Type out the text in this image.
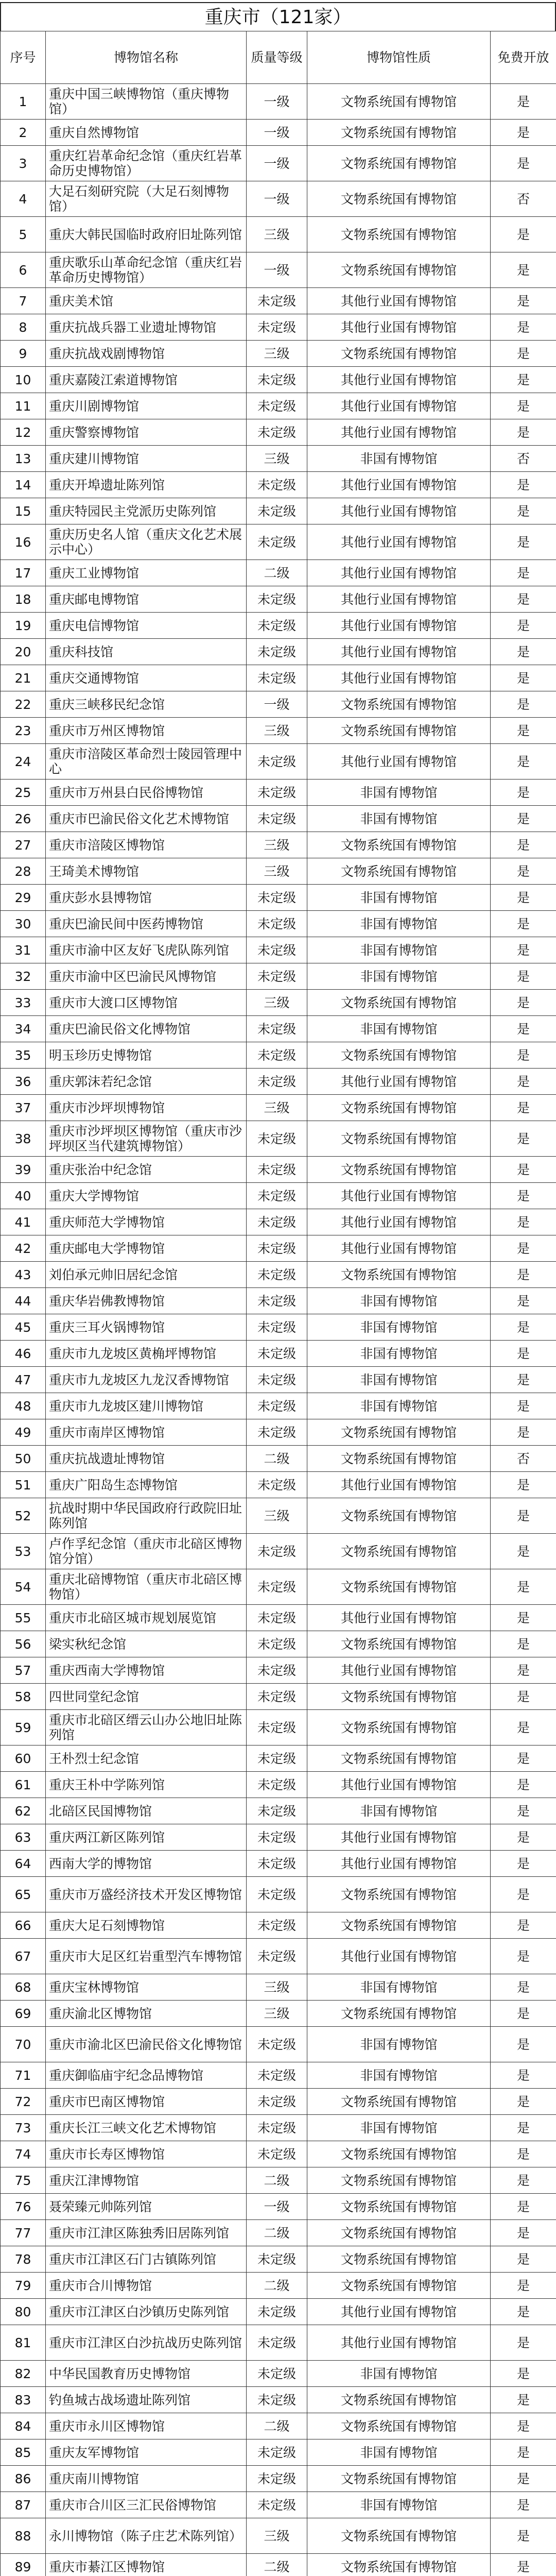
重庆市（121家）
序号	博物馆名称	质量等级	博物馆性质	免费开放
1	重庆中国三峡博物馆（重庆博物馆）	一级	文物系统国有博物馆	是
2	重庆自然博物馆	一级	文物系统国有博物馆	是
3	重庆红岩革命纪念馆（重庆红岩革命历史博物馆）	一级	文物系统国有博物馆	是
4	大足石刻研究院（大足石刻博物馆）	一级	文物系统国有博物馆	否
5	重庆大韩民国临时政府旧址陈列馆	三级	文物系统国有博物馆	是
6	重庆歌乐山革命纪念馆（重庆红岩革命历史博物馆）	一级	文物系统国有博物馆	是
7	重庆美术馆	未定级	其他行业国有博物馆	是
8	重庆抗战兵器工业遗址博物馆	未定级	其他行业国有博物馆	是
9	重庆抗战戏剧博物馆	三级	文物系统国有博物馆	是
10	重庆嘉陵江索道博物馆	未定级	其他行业国有博物馆	是
11	重庆川剧博物馆	未定级	其他行业国有博物馆	是
12	重庆警察博物馆	未定级	其他行业国有博物馆	是
13	重庆建川博物馆	三级	非国有博物馆	否
14	重庆开埠遗址陈列馆	未定级	其他行业国有博物馆	是
15	重庆特园民主党派历史陈列馆	未定级	其他行业国有博物馆	是
16	重庆历史名人馆（重庆文化艺术展示中心）	未定级	其他行业国有博物馆	是
17	重庆工业博物馆	二级	其他行业国有博物馆	是
18	重庆邮电博物馆	未定级	其他行业国有博物馆	是
19	重庆电信博物馆	未定级	其他行业国有博物馆	是
20	重庆科技馆	未定级	其他行业国有博物馆	是
21	重庆交通博物馆	未定级	其他行业国有博物馆	是
22	重庆三峡移民纪念馆	一级	文物系统国有博物馆	是
23	重庆市万州区博物馆	三级	文物系统国有博物馆	是
24	重庆市涪陵区革命烈士陵园管理中心	未定级	其他行业国有博物馆	是
25	重庆市万州县白民俗博物馆	未定级	非国有博物馆	是
26	重庆市巴渝民俗文化艺术博物馆	未定级	非国有博物馆	是
27	重庆市涪陵区博物馆	三级	文物系统国有博物馆	是
28	王琦美术博物馆	三级	文物系统国有博物馆	是
29	重庆彭水县博物馆	未定级	非国有博物馆	是
30	重庆巴渝民间中医药博物馆	未定级	非国有博物馆	是
31	重庆市渝中区友好飞虎队陈列馆	未定级	非国有博物馆	是
32	重庆市渝中区巴渝民风博物馆	未定级	非国有博物馆	是
33	重庆市大渡口区博物馆	三级	文物系统国有博物馆	是
34	重庆巴渝民俗文化博物馆	未定级	非国有博物馆	是
35	明玉珍历史博物馆	未定级	文物系统国有博物馆	是
36	重庆郭沫若纪念馆	未定级	其他行业国有博物馆	是
37	重庆市沙坪坝博物馆	三级	文物系统国有博物馆	是
38	重庆市沙坪坝区博物馆（重庆市沙坪坝区当代建筑博物馆）	未定级	文物系统国有博物馆	是
39	重庆张治中纪念馆	未定级	文物系统国有博物馆	是
40	重庆大学博物馆	未定级	其他行业国有博物馆	是
41	重庆师范大学博物馆	未定级	其他行业国有博物馆	是
42	重庆邮电大学博物馆	未定级	其他行业国有博物馆	是
43	刘伯承元帅旧居纪念馆	未定级	文物系统国有博物馆	是
44	重庆华岩佛教博物馆	未定级	非国有博物馆	是
45	重庆三耳火锅博物馆	未定级	非国有博物馆	是
46	重庆市九龙坡区黄桷坪博物馆	未定级	非国有博物馆	是
47	重庆市九龙坡区九龙汉香博物馆	未定级	非国有博物馆	是
48	重庆市九龙坡区建川博物馆	未定级	非国有博物馆	是
49	重庆市南岸区博物馆	未定级	文物系统国有博物馆	是
50	重庆抗战遗址博物馆	二级	文物系统国有博物馆	否
51	重庆广阳岛生态博物馆	未定级	其他行业国有博物馆	是
52	抗战时期中华民国政府行政院旧址陈列馆	三级	文物系统国有博物馆	是
53	卢作孚纪念馆（重庆市北碚区博物馆分馆）	未定级	文物系统国有博物馆	是
54	重庆北碚博物馆（重庆市北碚区博物馆）	未定级	文物系统国有博物馆	是
55	重庆市北碚区城市规划展览馆	未定级	其他行业国有博物馆	是
56	梁实秋纪念馆	未定级	文物系统国有博物馆	是
57	重庆西南大学博物馆	未定级	其他行业国有博物馆	是
58	四世同堂纪念馆	未定级	文物系统国有博物馆	是
59	重庆市北碚区缙云山办公地旧址陈列馆	未定级	文物系统国有博物馆	是
60	王朴烈士纪念馆	未定级	文物系统国有博物馆	是
61	重庆王朴中学陈列馆	未定级	其他行业国有博物馆	是
62	北碚区民国博物馆	未定级	非国有博物馆	是
63	重庆两江新区陈列馆	未定级	其他行业国有博物馆	是
64	西南大学的博物馆	未定级	其他行业国有博物馆	是
65	重庆市万盛经济技术开发区博物馆	未定级	文物系统国有博物馆	是
66	重庆大足石刻博物馆	未定级	文物系统国有博物馆	是
67	重庆市大足区红岩重型汽车博物馆	未定级	其他行业国有博物馆	是
68	重庆宝林博物馆	三级	非国有博物馆	是
69	重庆渝北区博物馆	三级	文物系统国有博物馆	是
70	重庆市渝北区巴渝民俗文化博物馆	未定级	非国有博物馆	是
71	重庆御临庙宇纪念品博物馆	未定级	非国有博物馆	是
72	重庆市巴南区博物馆	未定级	文物系统国有博物馆	是
73	重庆长江三峡文化艺术博物馆	未定级	非国有博物馆	是
74	重庆市长寿区博物馆	未定级	文物系统国有博物馆	是
75	重庆江津博物馆	二级	文物系统国有博物馆	是
76	聂荣臻元帅陈列馆	一级	文物系统国有博物馆	是
77	重庆市江津区陈独秀旧居陈列馆	二级	文物系统国有博物馆	是
78	重庆市江津区石门古镇陈列馆	未定级	文物系统国有博物馆	是
79	重庆市合川博物馆	二级	文物系统国有博物馆	是
80	重庆市江津区白沙镇历史陈列馆	未定级	其他行业国有博物馆	是
81	重庆市江津区白沙抗战历史陈列馆	未定级	其他行业国有博物馆	是
82	中华民国教育历史博物馆	未定级	非国有博物馆	是
83	钓鱼城古战场遗址陈列馆	未定级	文物系统国有博物馆	是
84	重庆市永川区博物馆	二级	文物系统国有博物馆	是
85	重庆友军博物馆	未定级	非国有博物馆	是
86	重庆南川博物馆	未定级	文物系统国有博物馆	是
87	重庆市合川区三汇民俗博物馆	未定级	非国有博物馆	是
88	永川博物馆（陈子庄艺术陈列馆）	三级	文物系统国有博物馆	是
89	重庆市綦江区博物馆	二级	文物系统国有博物馆	是
